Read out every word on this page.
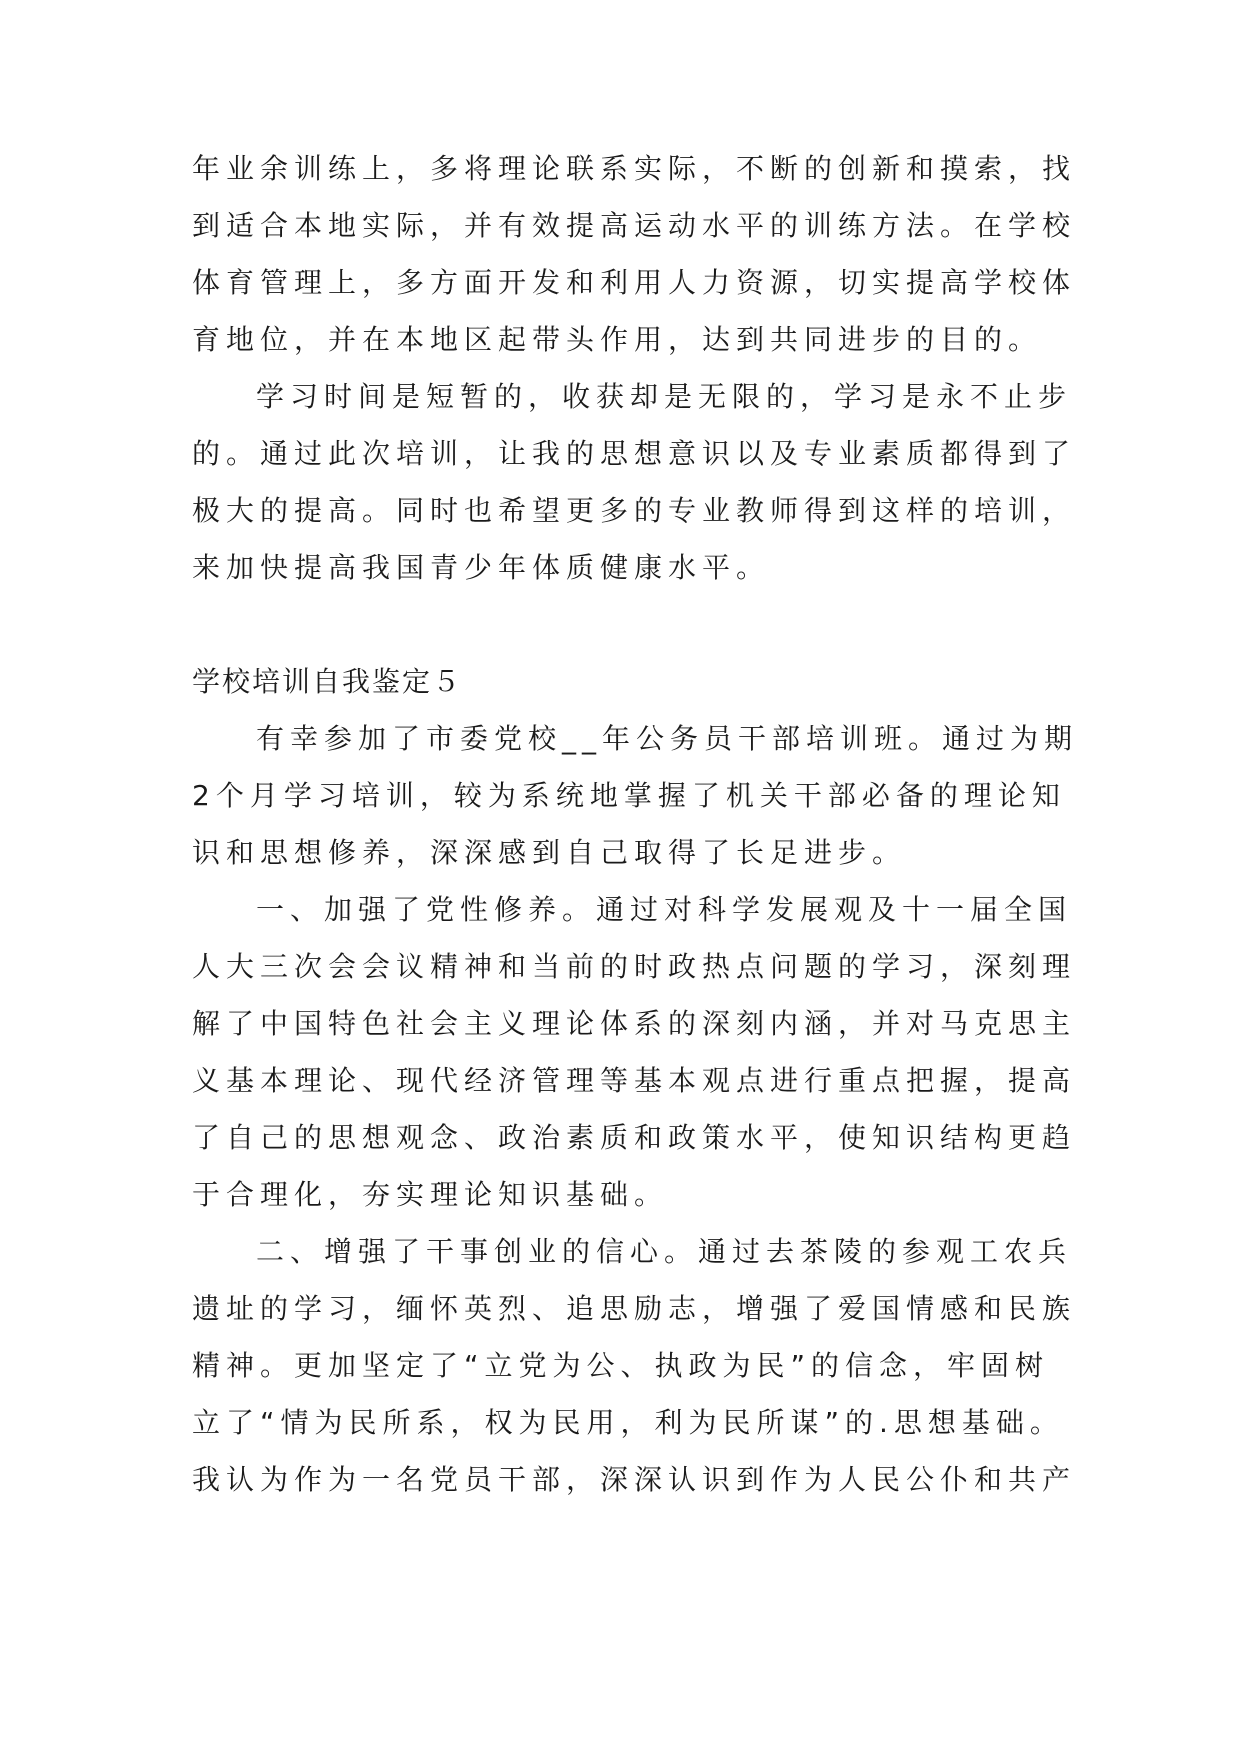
年业余训练上，多将理论联系实际，不断的创新和摸索，找
到适合本地实际，并有效提高运动水平的训练方法。在学校
体育管理上，多方面开发和利用人力资源，切实提高学校体
育地位，并在本地区起带头作用，达到共同进步的目的。
学习时间是短暂的，收获却是无限的，学习是永不止步
的。通过此次培训，让我的思想意识以及专业素质都得到了
极大的提高。同时也希望更多的专业教师得到这样的培训，
来加快提高我国青少年体质健康水平。
学校培训自我鉴定５
有幸参加了市委党校__年公务员干部培训班。通过为期
2个月学习培训，较为系统地掌握了机关干部必备的理论知
识和思想修养，深深感到自己取得了长足进步。
一、加强了党性修养。通过对科学发展观及十一届全国
人大三次会会议精神和当前的时政热点问题的学习，深刻理
解了中国特色社会主义理论体系的深刻内涵，并对马克思主
义基本理论、现代经济管理等基本观点进行重点把握，提高
了自己的思想观念、政治素质和政策水平，使知识结构更趋
于合理化，夯实理论知识基础。
二、增强了干事创业的信心。通过去茶陵的参观工农兵
遗址的学习，缅怀英烈、追思励志，增强了爱国情感和民族
精神。更加坚定了“立党为公、执政为民”的信念，牢固树
立了“情为民所系，权为民用，利为民所谋”的.思想基础。
我认为作为一名党员干部，深深认识到作为人民公仆和共产
